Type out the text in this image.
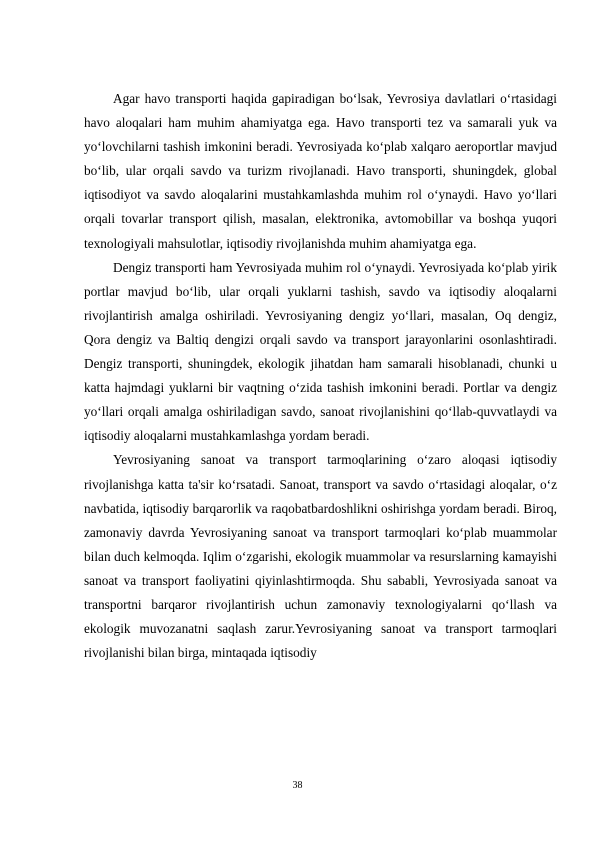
Agar havo transporti haqida gapiradigan bo‘lsak, Yevrosiya davlatlari o‘rtasidagi havo aloqalari ham muhim ahamiyatga ega. Havo transporti tez va samarali yuk va yo‘lovchilarni tashish imkonini beradi. Yevrosiyada ko‘plab xalqaro aeroportlar mavjud bo‘lib, ular orqali savdo va turizm rivojlanadi. Havo transporti, shuningdek, global iqtisodiyot va savdo aloqalarini mustahkamlashda muhim rol o‘ynaydi. Havo yo‘llari orqali tovarlar transport qilish, masalan, elektronika, avtomobillar va boshqa yuqori texnologiyali mahsulotlar, iqtisodiy rivojlanishda muhim ahamiyatga ega.

Dengiz transporti ham Yevrosiyada muhim rol o‘ynaydi. Yevrosiyada ko‘plab yirik portlar mavjud bo‘lib, ular orqali yuklarni tashish, savdo va iqtisodiy aloqalarni rivojlantirish amalga oshiriladi. Yevrosiyaning dengiz yo‘llari, masalan, Oq dengiz, Qora dengiz va Baltiq dengizi orqali savdo va transport jarayonlarini osonlashtiradi. Dengiz transporti, shuningdek, ekologik jihatdan ham samarali hisoblanadi, chunki u katta hajmdagi yuklarni bir vaqtning o‘zida tashish imkonini beradi. Portlar va dengiz yo‘llari orqali amalga oshiriladigan savdo, sanoat rivojlanishini qo‘llab-quvvatlaydi va iqtisodiy aloqalarni mustahkamlashga yordam beradi.

Yevrosiyaning sanoat va transport tarmoqlarining o‘zaro aloqasi iqtisodiy rivojlanishga katta ta'sir ko‘rsatadi. Sanoat, transport va savdo o‘rtasidagi aloqalar, o‘z navbatida, iqtisodiy barqarorlik va raqobatbardoshlikni oshirishga yordam beradi. Biroq, zamonaviy davrda Yevrosiyaning sanoat va transport tarmoqlari ko‘plab muammolar bilan duch kelmoqda. Iqlim o‘zgarishi, ekologik muammolar va resurslarning kamayishi sanoat va transport faoliyatini qiyinlashtirmoqda. Shu sababli, Yevrosiyada sanoat va transportni barqaror rivojlantirish uchun zamonaviy texnologiyalarni qo‘llash va ekologik muvozanatni saqlash zarur.Yevrosiyaning sanoat va transport tarmoqlari rivojlanishi bilan birga, mintaqada iqtisodiy

38
